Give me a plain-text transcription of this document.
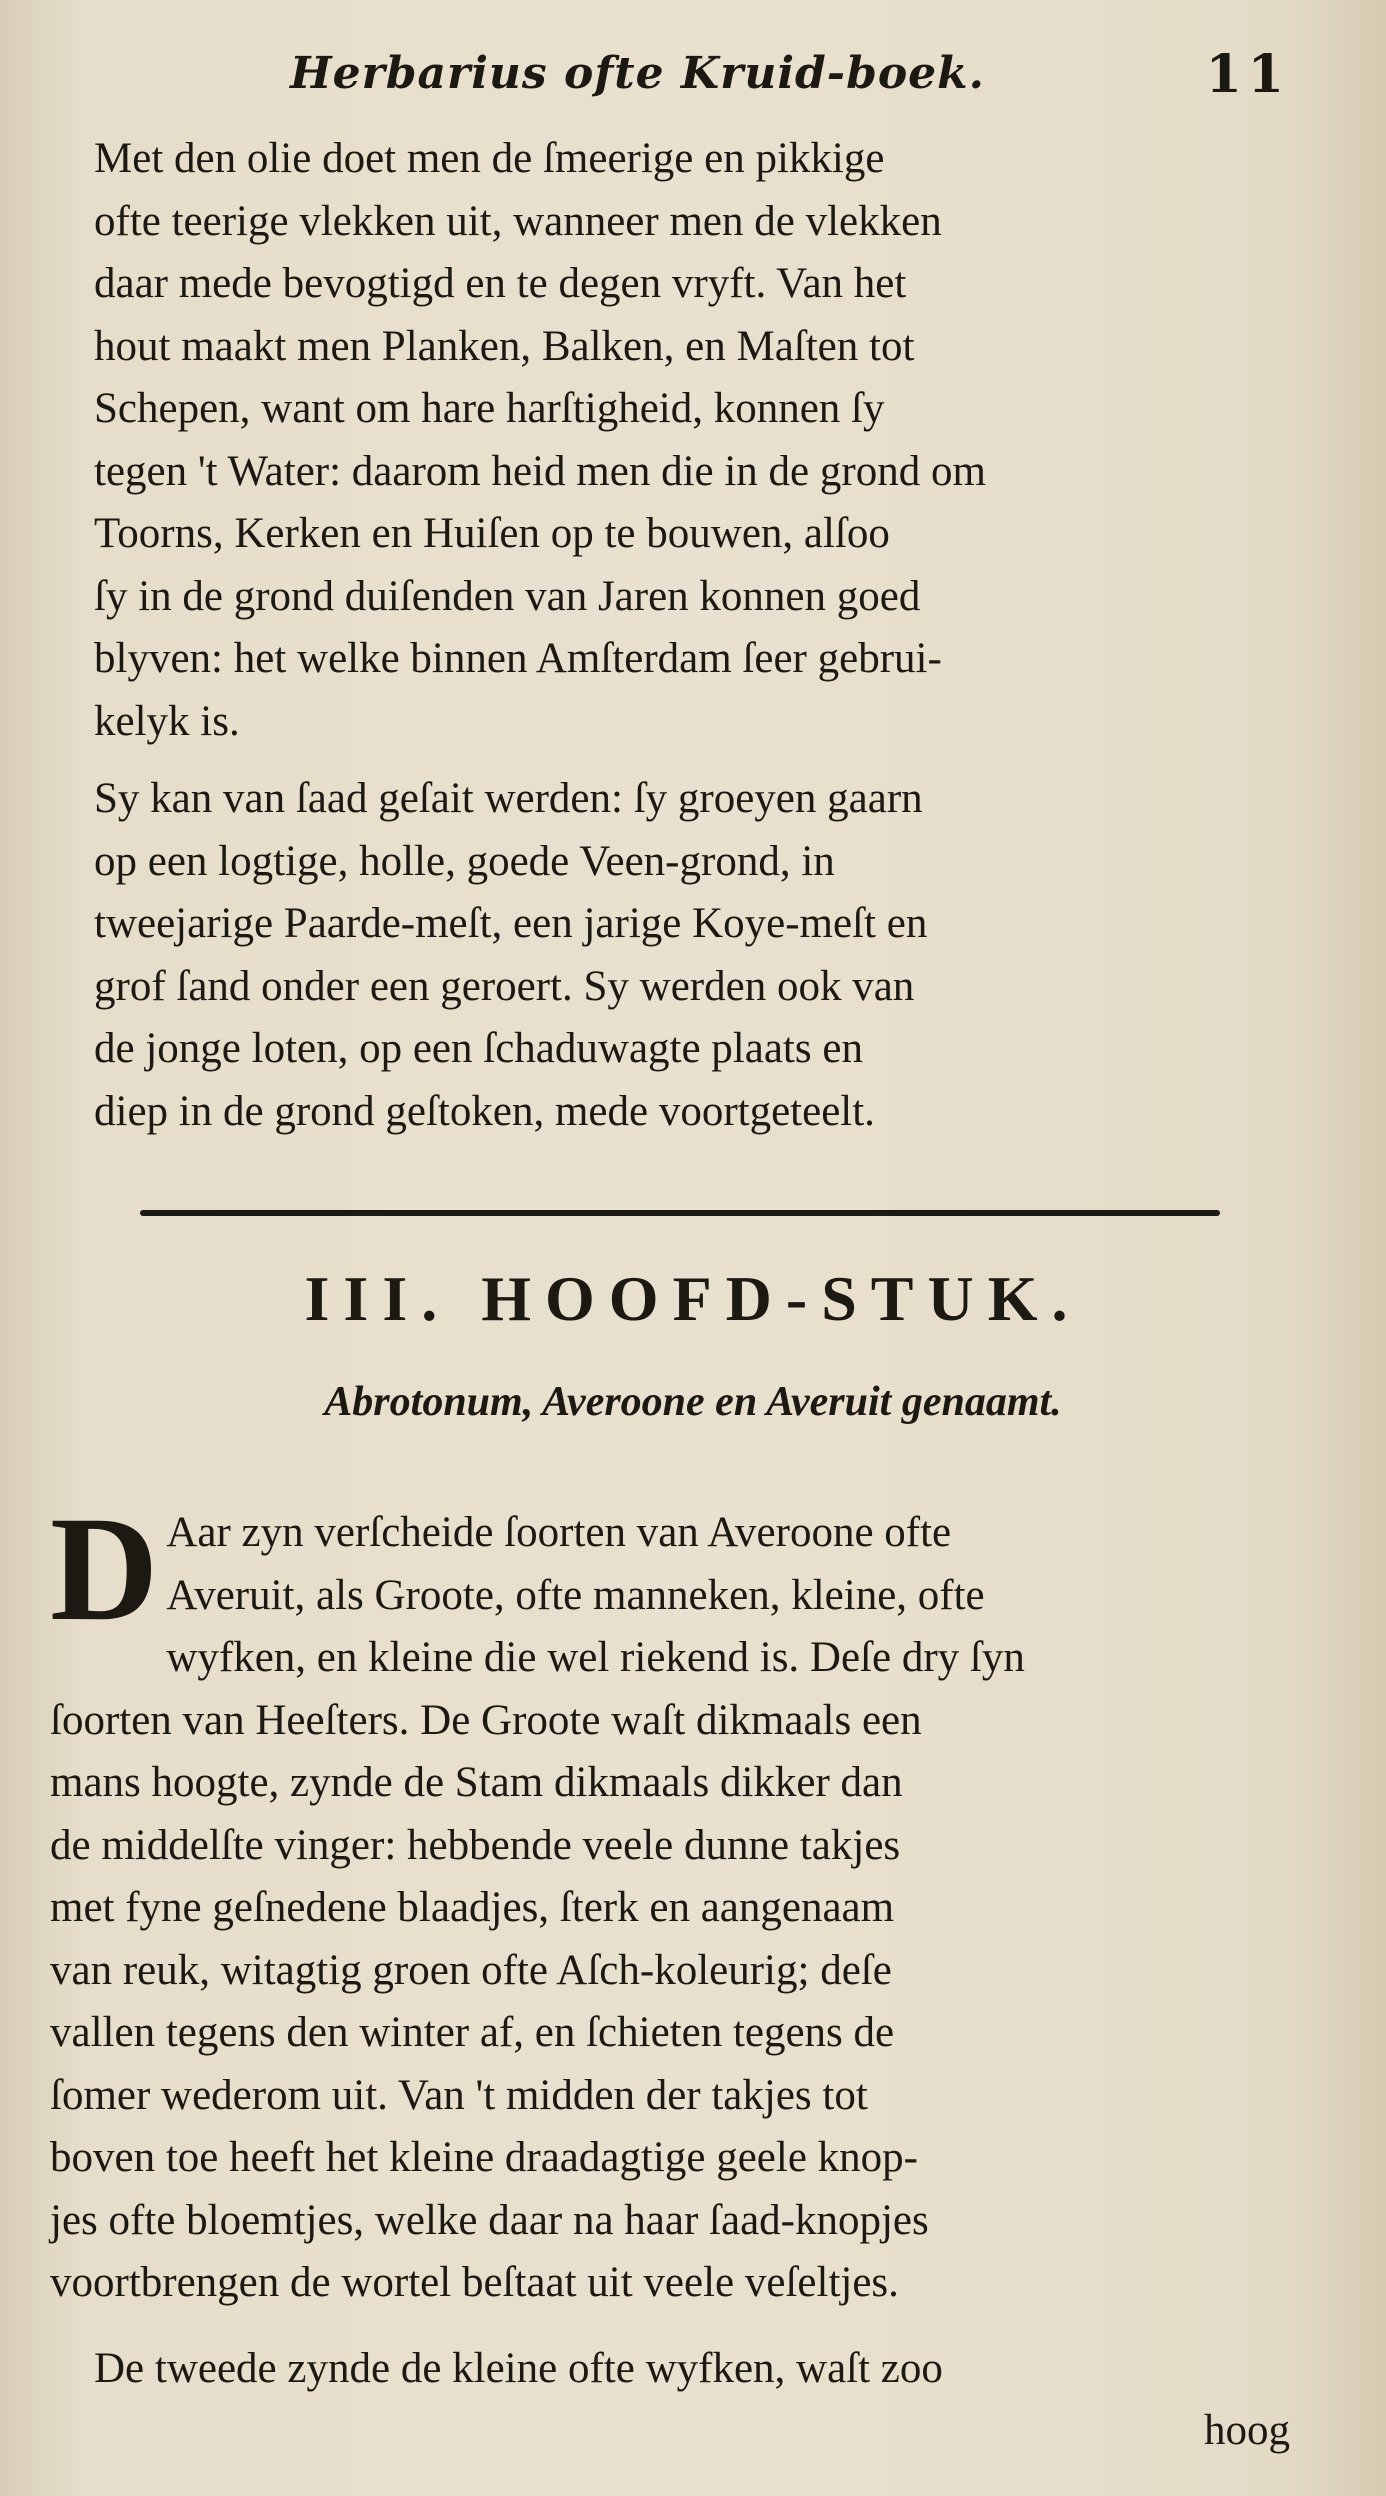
Herbarius ofte Kruid-boek.	11

Met den olie doet men de ſmeerige en pikkige
ofte teerige vlekken uit, wanneer men de vlekken
daar mede bevogtigd en te degen vryft. Van het
hout maakt men Planken, Balken, en Maſten tot
Schepen, want om hare harſtigheid, konnen ſy
tegen 't Water: daarom heid men die in de grond om
Toorns, Kerken en Huiſen op te bouwen, alſoo
ſy in de grond duiſenden van Jaren konnen goed
blyven: het welke binnen Amſterdam ſeer gebrui-
kelyk is.

Sy kan van ſaad geſait werden: ſy groeyen gaarn
op een logtige, holle, goede Veen-grond, in
tweejarige Paarde-meſt, een jarige Koye-meſt en
grof ſand onder een geroert. Sy werden ook van
de jonge loten, op een ſchaduwagte plaats en
diep in de grond geſtoken, mede voortgeteelt.

III. HOOFD-STUK.
Abrotonum, Averoone en Averuit genaamt.
D Aar zyn verſcheide ſoorten van Averoone ofte
Averuit, als Groote, ofte manneken, kleine, ofte
wyfken, en kleine die wel riekend is. Deſe dry ſyn
ſoorten van Heeſters. De Groote waſt dikmaals een
mans hoogte, zynde de Stam dikmaals dikker dan
de middelſte vinger: hebbende veele dunne takjes
met fyne geſnedene blaadjes, ſterk en aangenaam
van reuk, witagtig groen ofte Aſch-koleurig; deſe
vallen tegens den winter af, en ſchieten tegens de
ſomer wederom uit. Van 't midden der takjes tot
boven toe heeft het kleine draadagtige geele knop-
jes ofte bloemtjes, welke daar na haar ſaad-knopjes
voortbrengen de wortel beſtaat uit veele veſeltjes.

De tweede zynde de kleine ofte wyfken, waſt zoo

hoog
